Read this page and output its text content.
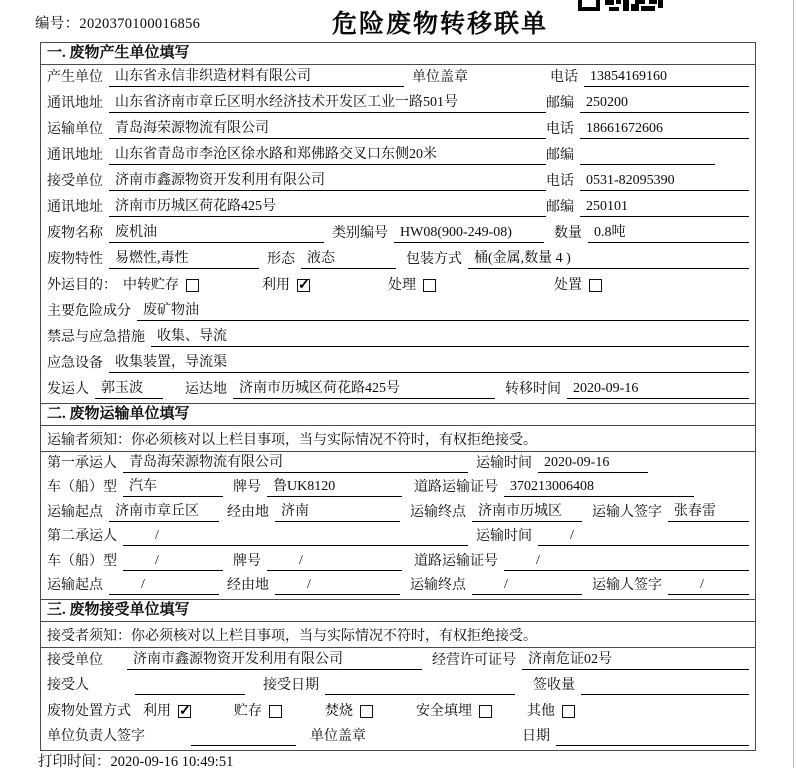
编号：2020370100016856	危险废物转移联单
一. 废物产生单位填写
产生单位 山东省永信非织造材料有限公司	单位盖章	电话 13854169160
通讯地址 山东省济南市章丘区明水经济技术开发区工业一路501号	邮编 250200
运输单位 青岛海荣源物流有限公司	电话 18661672606
通讯地址 山东省青岛市李沧区徐水路和郑佛路交叉口东侧20米	邮编
接受单位 济南市鑫源物资开发利用有限公司	电话 0531-82095390
通讯地址 济南市历城区荷花路425号	邮编 250101
废物名称 废机油	类别编号 HW08(900-249-08)	数量 0.8吨
废物特性 易燃性,毒性	形态 液态	包装方式 桶(金属,数量 4 )
外运目的： 中转贮存	利用 ✓	处理	处置
主要危险成分 废矿物油
禁忌与应急措施 收集、导流
应急设备 收集装置，导流渠
发运人 郭玉波	运达地 济南市历城区荷花路425号	转移时间 2020-09-16
二. 废物运输单位填写
运输者须知：你必须核对以上栏目事项，当与实际情况不符时，有权拒绝接受。
第一承运人 青岛海荣源物流有限公司	运输时间 2020-09-16
车（船）型 汽车	牌号 鲁UK8120	道路运输证号 370213006408
运输起点 济南市章丘区	经由地 济南	运输终点 济南市历城区	运输人签字 张春雷
第二承运人	/	运输时间	/
车（船）型	/	牌号	/	道路运输证号	/
运输起点	/	经由地	/	运输终点	/	运输人签字	/
三. 废物接受单位填写
接受者须知：你必须核对以上栏目事项，当与实际情况不符时，有权拒绝接受。
接受单位	济南市鑫源物资开发利用有限公司	经营许可证号 济南危证02号
接受人	接受日期	签收量
废物处置方式 利用 ✓	贮存	焚烧	安全填埋	其他
单位负责人签字	单位盖章	日期
打印时间：2020-09-16 10:49:51
